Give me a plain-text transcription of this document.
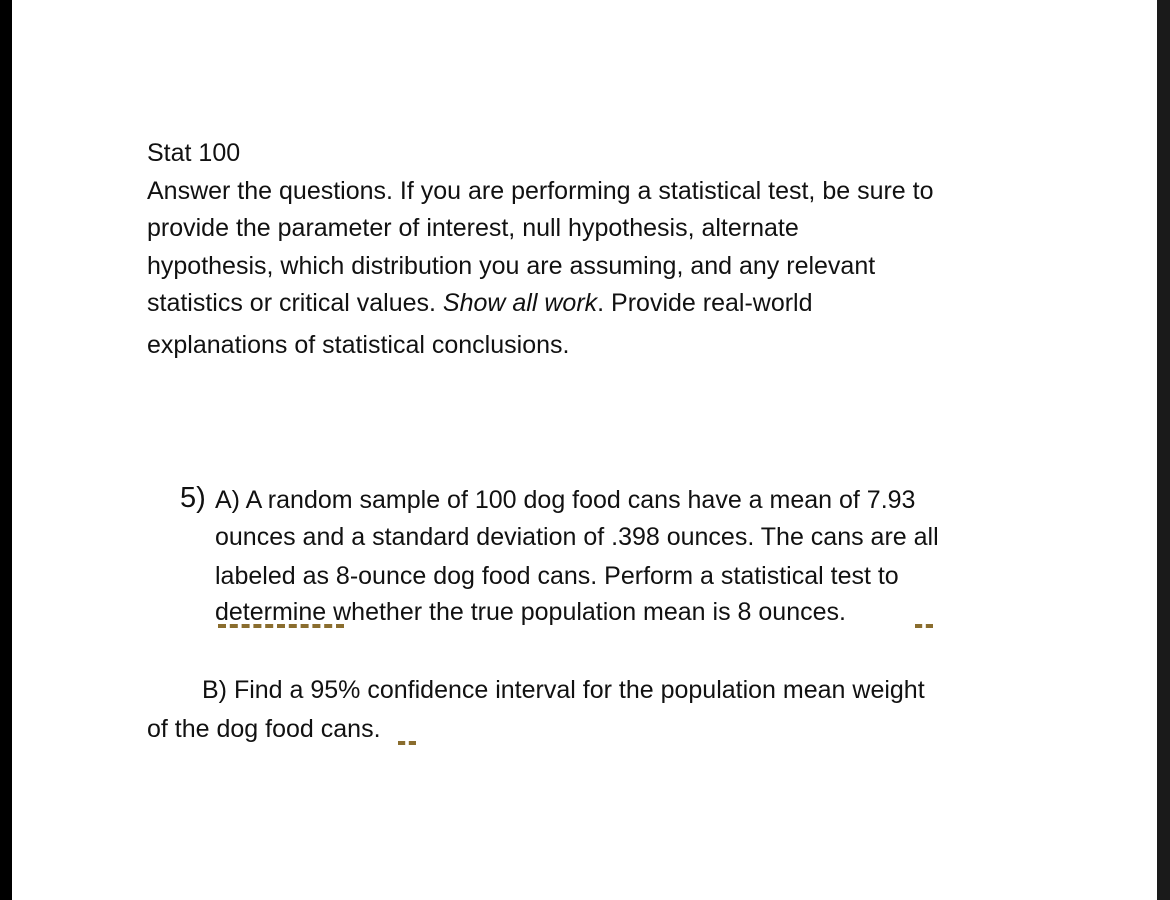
Stat 100
Answer the questions. If you are performing a statistical test, be sure to
provide the parameter of interest, null hypothesis, alternate
hypothesis, which distribution you are assuming, and any relevant
statistics or critical values. Show all work. Provide real-world
explanations of statistical conclusions.
5) A) A random sample of 100 dog food cans have a mean of 7.93
ounces and a standard deviation of .398 ounces. The cans are all
labeled as 8-ounce dog food cans. Perform a statistical test to
determine whether the true population mean is 8 ounces.
B) Find a 95% confidence interval for the population mean weight
of the dog food cans.
